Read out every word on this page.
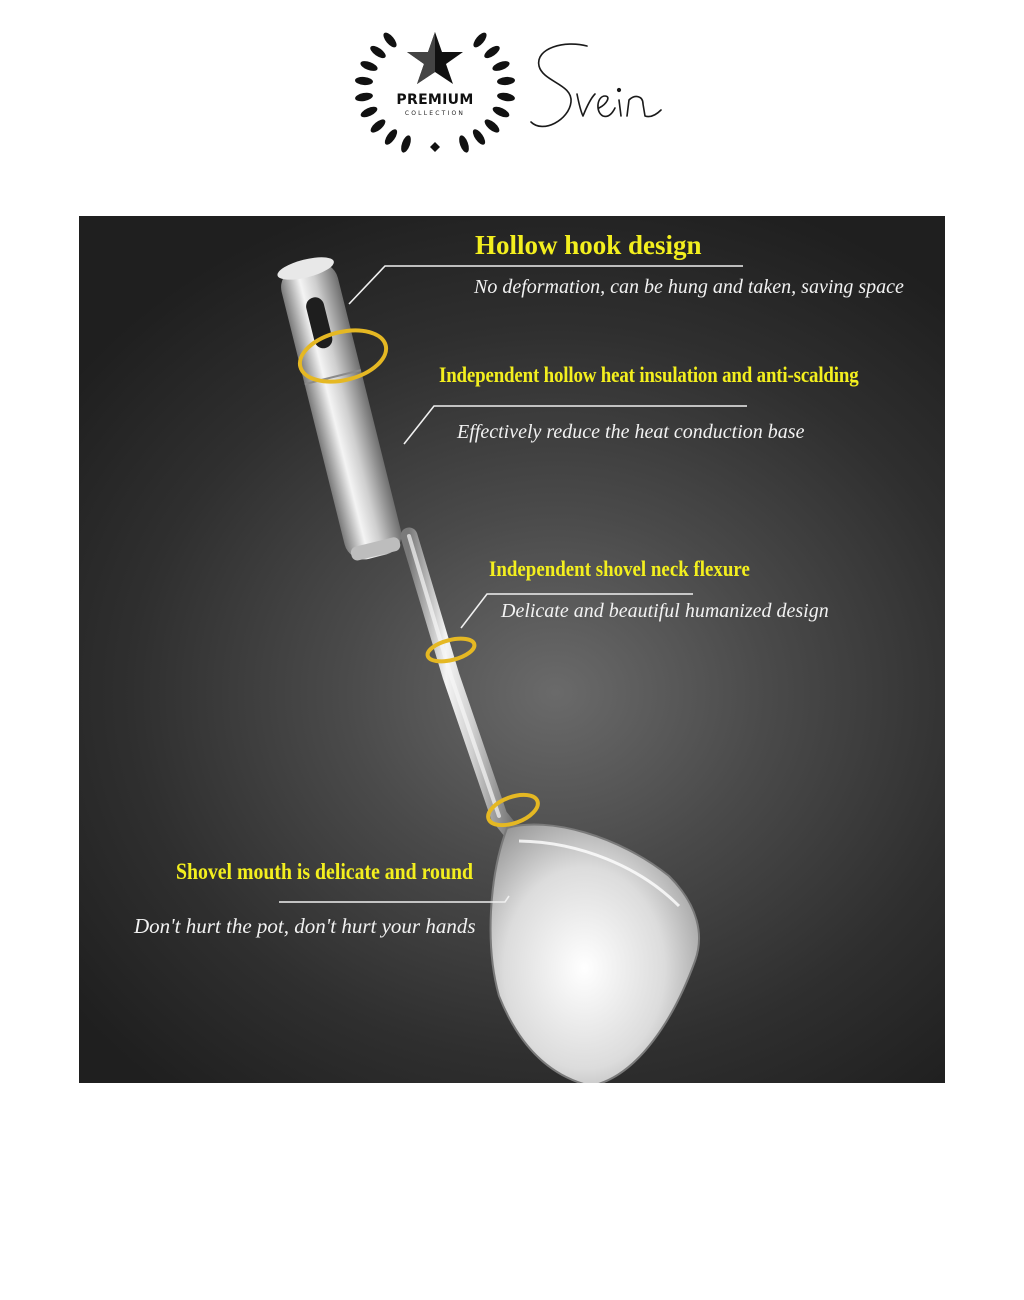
PREMIUM
COLLECTION
Hollow hook design
No deformation, can be hung and taken, saving space
Independent hollow heat insulation and anti-scalding
Effectively reduce the heat conduction base
Independent shovel neck flexure
Delicate and beautiful humanized design
Shovel mouth is delicate and round
Don't hurt the pot, don't hurt your hands
